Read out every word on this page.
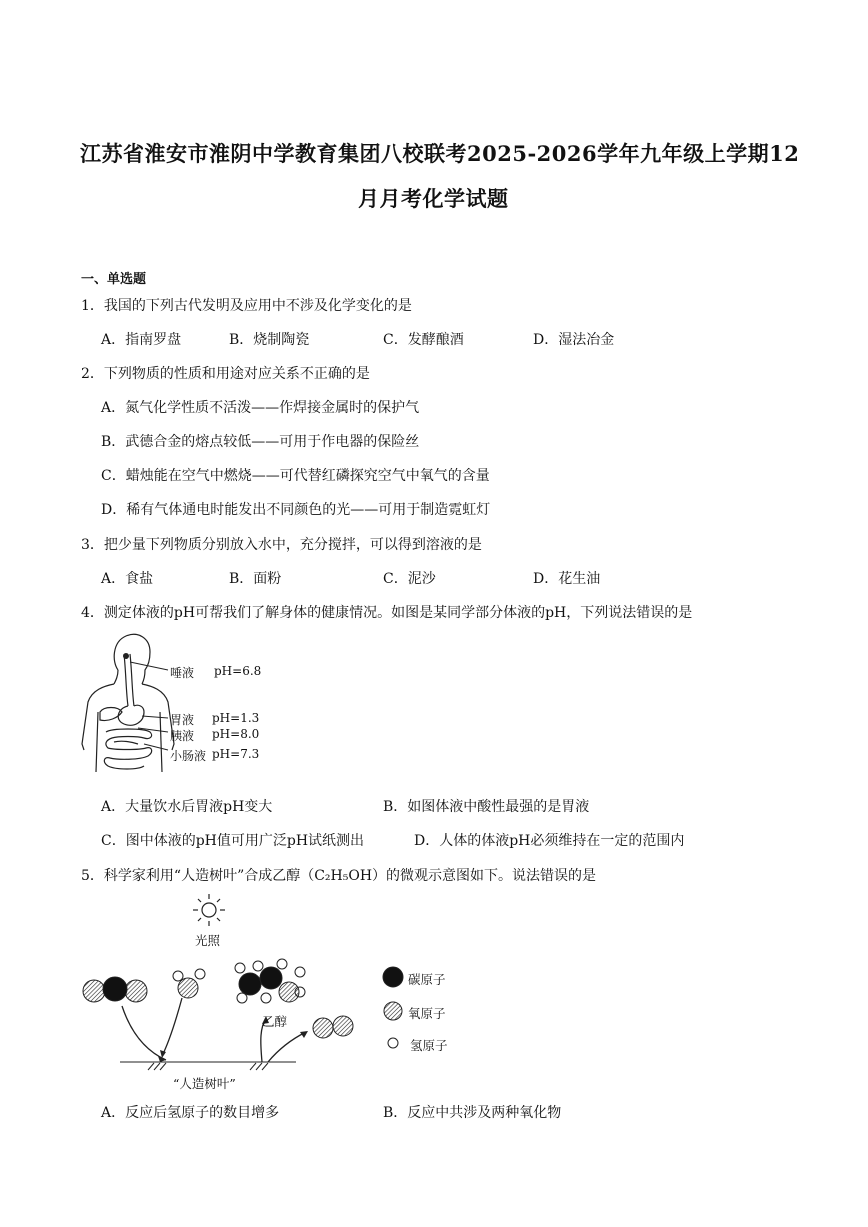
江苏省淮安市淮阴中学教育集团八校联考2025-2026学年九年级上学期12
月月考化学试题
一、单选题
1．我国的下列古代发明及应用中不涉及化学变化的是
A．指南罗盘	B．烧制陶瓷	C．发酵酿酒	D．湿法冶金
2．下列物质的性质和用途对应关系不正确的是
A．氮气化学性质不活泼——作焊接金属时的保护气
B．武德合金的熔点较低——可用于作电器的保险丝
C．蜡烛能在空气中燃烧——可代替红磷探究空气中氧气的含量
D．稀有气体通电时能发出不同颜色的光——可用于制造霓虹灯
3．把少量下列物质分别放入水中，充分搅拌，可以得到溶液的是
A．食盐	B．面粉	C．泥沙	D．花生油
4．测定体液的pH可帮我们了解身体的健康情况。如图是某同学部分体液的pH，下列说法错误的是
唾液 pH=6.8
胃液 pH=1.3
胰液 pH=8.0
小肠液 pH=7.3
A．大量饮水后胃液pH变大	B．如图体液中酸性最强的是胃液
C．图中体液的pH值可用广泛pH试纸测出	D．人体的体液pH必须维持在一定的范围内
5．科学家利用“人造树叶”合成乙醇（C₂H₅OH）的微观示意图如下。说法错误的是
光照
乙醇
“人造树叶”
碳原子
氧原子
氢原子
A．反应后氢原子的数目增多	B．反应中共涉及两种氧化物
